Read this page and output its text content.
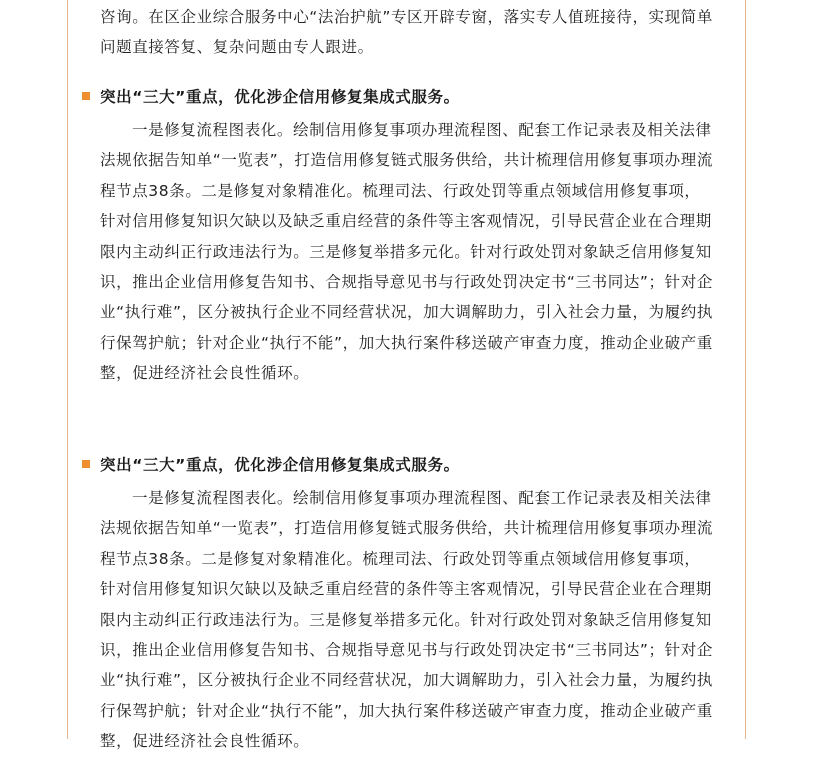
咨询。在区企业综合服务中心“法治护航”专区开辟专窗，落实专人值班接待，实现简单问题直接答复、复杂问题由专人跟进。

突出“三大”重点，优化涉企信用修复集成式服务。

一是修复流程图表化。绘制信用修复事项办理流程图、配套工作记录表及相关法律法规依据告知单“一览表”，打造信用修复链式服务供给，共计梳理信用修复事项办理流程节点38条。二是修复对象精准化。梳理司法、行政处罚等重点领域信用修复事项，针对信用修复知识欠缺以及缺乏重启经营的条件等主客观情况，引导民营企业在合理期限内主动纠正行政违法行为。三是修复举措多元化。针对行政处罚对象缺乏信用修复知识，推出企业信用修复告知书、合规指导意见书与行政处罚决定书“三书同达”；针对企业“执行难”，区分被执行企业不同经营状况，加大调解助力，引入社会力量，为履约执行保驾护航；针对企业“执行不能”，加大执行案件移送破产审查力度，推动企业破产重整，促进经济社会良性循环。

突出“三大”重点，优化涉企信用修复集成式服务。

一是修复流程图表化。绘制信用修复事项办理流程图、配套工作记录表及相关法律法规依据告知单“一览表”，打造信用修复链式服务供给，共计梳理信用修复事项办理流程节点38条。二是修复对象精准化。梳理司法、行政处罚等重点领域信用修复事项，针对信用修复知识欠缺以及缺乏重启经营的条件等主客观情况，引导民营企业在合理期限内主动纠正行政违法行为。三是修复举措多元化。针对行政处罚对象缺乏信用修复知识，推出企业信用修复告知书、合规指导意见书与行政处罚决定书“三书同达”；针对企业“执行难”，区分被执行企业不同经营状况，加大调解助力，引入社会力量，为履约执行保驾护航；针对企业“执行不能”，加大执行案件移送破产审查力度，推动企业破产重整，促进经济社会良性循环。
